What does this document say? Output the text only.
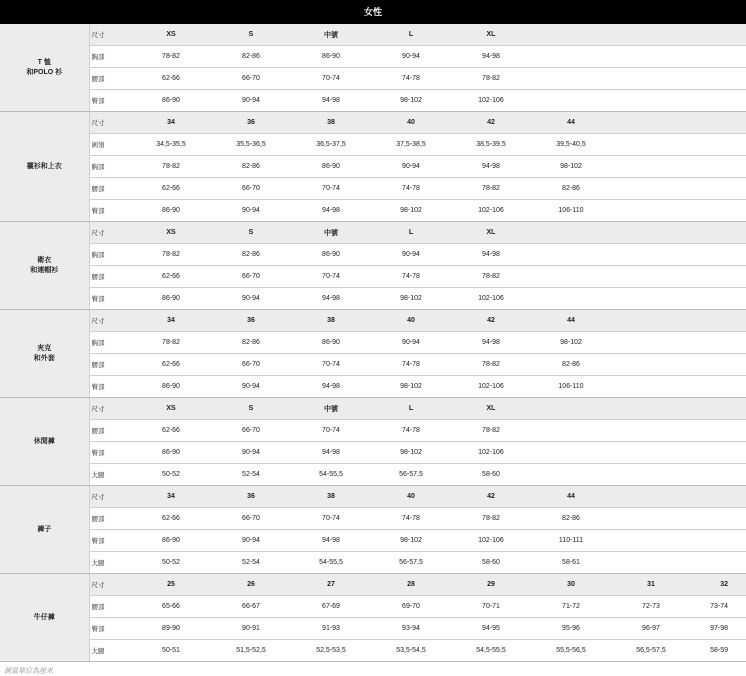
女性
T 恤
和POLO 衫	尺寸	XS	S	中號	L	XL			
	胸部	78-82	82-86	86-90	90-94	94-98			
	腰部	62-66	66-70	70-74	74-78	78-82			
	臀部	86-90	90-94	94-98	98-102	102-106			
襯衫和上衣	尺寸	34	36	38	40	42	44		
	圍領	34,5-35,5	35,5-36,5	36,5-37,5	37,5-38,5	38,5-39,5	39,5-40,5		
	胸部	78-82	82-86	86-90	90-94	94-98	98-102		
	腰部	62-66	66-70	70-74	74-78	78-82	82-86		
	臀部	86-90	90-94	94-98	98-102	102-106	106-110		
衛衣
和連帽衫	尺寸	XS	S	中號	L	XL			
	胸部	78-82	82-86	86-90	90-94	94-98			
	腰部	62-66	66-70	70-74	74-78	78-82			
	臀部	86-90	90-94	94-98	98-102	102-106			
夾克
和外套	尺寸	34	36	38	40	42	44		
	胸部	78-82	82-86	86-90	90-94	94-98	98-102		
	腰部	62-66	66-70	70-74	74-78	78-82	82-86		
	臀部	86-90	90-94	94-98	98-102	102-106	106-110		
休閒褲	尺寸	XS	S	中號	L	XL			
	腰部	62-66	66-70	70-74	74-78	78-82			
	臀部	86-90	90-94	94-98	98-102	102-106			
	大腿	50-52	52-54	54-55,5	56-57,5	58-60			
褲子	尺寸	34	36	38	40	42	44		
	腰部	62-66	66-70	70-74	74-78	78-82	82-86		
	臀部	86-90	90-94	94-98	98-102	102-106	110-111		
	大腿	50-52	52-54	54-55,5	56-57,5	58-60	58-61		
牛仔褲	尺寸	25	26	27	28	29	30	31	32
	腰部	65-66	66-67	67-69	69-70	70-71	71-72	72-73	73-74
	臀部	89-90	90-91	91-93	93-94	94-95	95-96	96-97	97-98
	大腿	50-51	51,5-52,5	52,5-53,5	53,5-54,5	54,5-55,5	55,5-56,5	56,5-57,5	58-59
測量單位為厘米
